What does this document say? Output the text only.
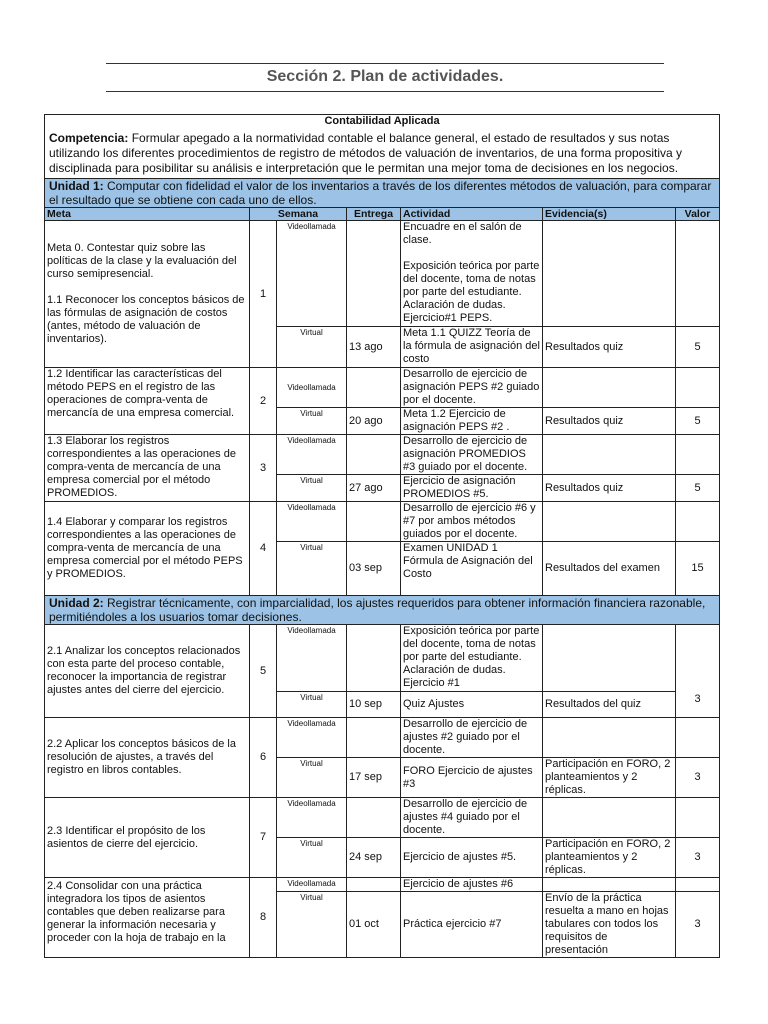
Sección 2. Plan de actividades.
Contabilidad Aplicada						
Competencia: Formular apegado a la normatividad contable el balance general, el estado de resultados y sus notas utilizando los diferentes procedimientos de registro de métodos de valuación de inventarios, de una forma propositiva y disciplinada para posibilitar su análisis e interpretación que le permitan una mejor toma de decisiones en los negocios.						
Unidad 1: Computar con fidelidad el valor de los inventarios a través de los diferentes métodos de valuación, para comparar el resultado que se obtiene con cada uno de ellos.						
Meta	Semana		Entrega	Actividad	Evidencia(s)	Valor
Meta 0. Contestar quiz sobre las políticas de la clase y la evaluación del curso semipresencial.

1.1 Reconocer los conceptos básicos de las fórmulas de asignación de costos (antes, método de valuación de inventarios).	1	Videollamada		Encuadre en el salón de clase.

Exposición teórica por parte del docente, toma de notas por parte del estudiante. Aclaración de dudas. Ejercicio#1 PEPS.		
		Virtual	13 ago	Meta 1.1 QUIZZ Teoría de la fórmula de asignación del costo	Resultados quiz	5
1.2 Identificar las características del método PEPS en el registro de las operaciones de compra-venta de mercancía de una empresa comercial.	2	Videollamada		Desarrollo de ejercicio de asignación PEPS #2 guiado por el docente.		
		Virtual	20 ago	Meta 1.2 Ejercicio de asignación PEPS #2 .	Resultados quiz	5
1.3 Elaborar los registros correspondientes a las operaciones de compra-venta de mercancía de una empresa comercial por el método PROMEDIOS.	3	Videollamada		Desarrollo de ejercicio de asignación PROMEDIOS #3 guiado por el docente.		
		Virtual	27 ago	Ejercicio de asignación PROMEDIOS #5.	Resultados quiz	5
1.4 Elaborar y comparar los registros correspondientes a las operaciones de compra-venta de mercancía de una empresa comercial por el método PEPS y PROMEDIOS.	4	Videollamada		Desarrollo de ejercicio #6 y #7 por ambos métodos guiados por el docente.		
		Virtual	03 sep	Examen UNIDAD 1 Fórmula de Asignación del Costo	Resultados del examen	15
Unidad 2: Registrar técnicamente, con imparcialidad, los ajustes requeridos para obtener información financiera razonable, permitiéndoles a los usuarios tomar decisiones.						
2.1 Analizar los conceptos relacionados con esta parte del proceso contable, reconocer la importancia de registrar ajustes antes del cierre del ejercicio.	5	Videollamada		Exposición teórica por parte del docente, toma de notas por parte del estudiante. Aclaración de dudas. Ejercicio #1		3
		Virtual	10 sep	Quiz Ajustes	Resultados del quiz	
2.2 Aplicar los conceptos básicos de la resolución de ajustes, a través del registro en libros contables.	6	Videollamada		Desarrollo de ejercicio de ajustes #2 guiado por el docente.		
		Virtual	17 sep	FORO Ejercicio de ajustes #3	Participación en FORO, 2 planteamientos y 2 réplicas.	3
2.3 Identificar el propósito de los asientos de cierre del ejercicio.	7	Videollamada		Desarrollo de ejercicio de ajustes #4 guiado por el docente.		
		Virtual	24 sep	Ejercicio de ajustes #5.	Participación en FORO, 2 planteamientos y 2 réplicas.	3
2.4 Consolidar con una práctica integradora los tipos de asientos contables que deben realizarse para generar la información necesaria y proceder con la hoja de trabajo en la	8	Videollamada		Ejercicio de ajustes #6		
		Virtual	01 oct	Práctica ejercicio #7	Envío de la práctica resuelta a mano en hojas tabulares con todos los requisitos de presentación	3
